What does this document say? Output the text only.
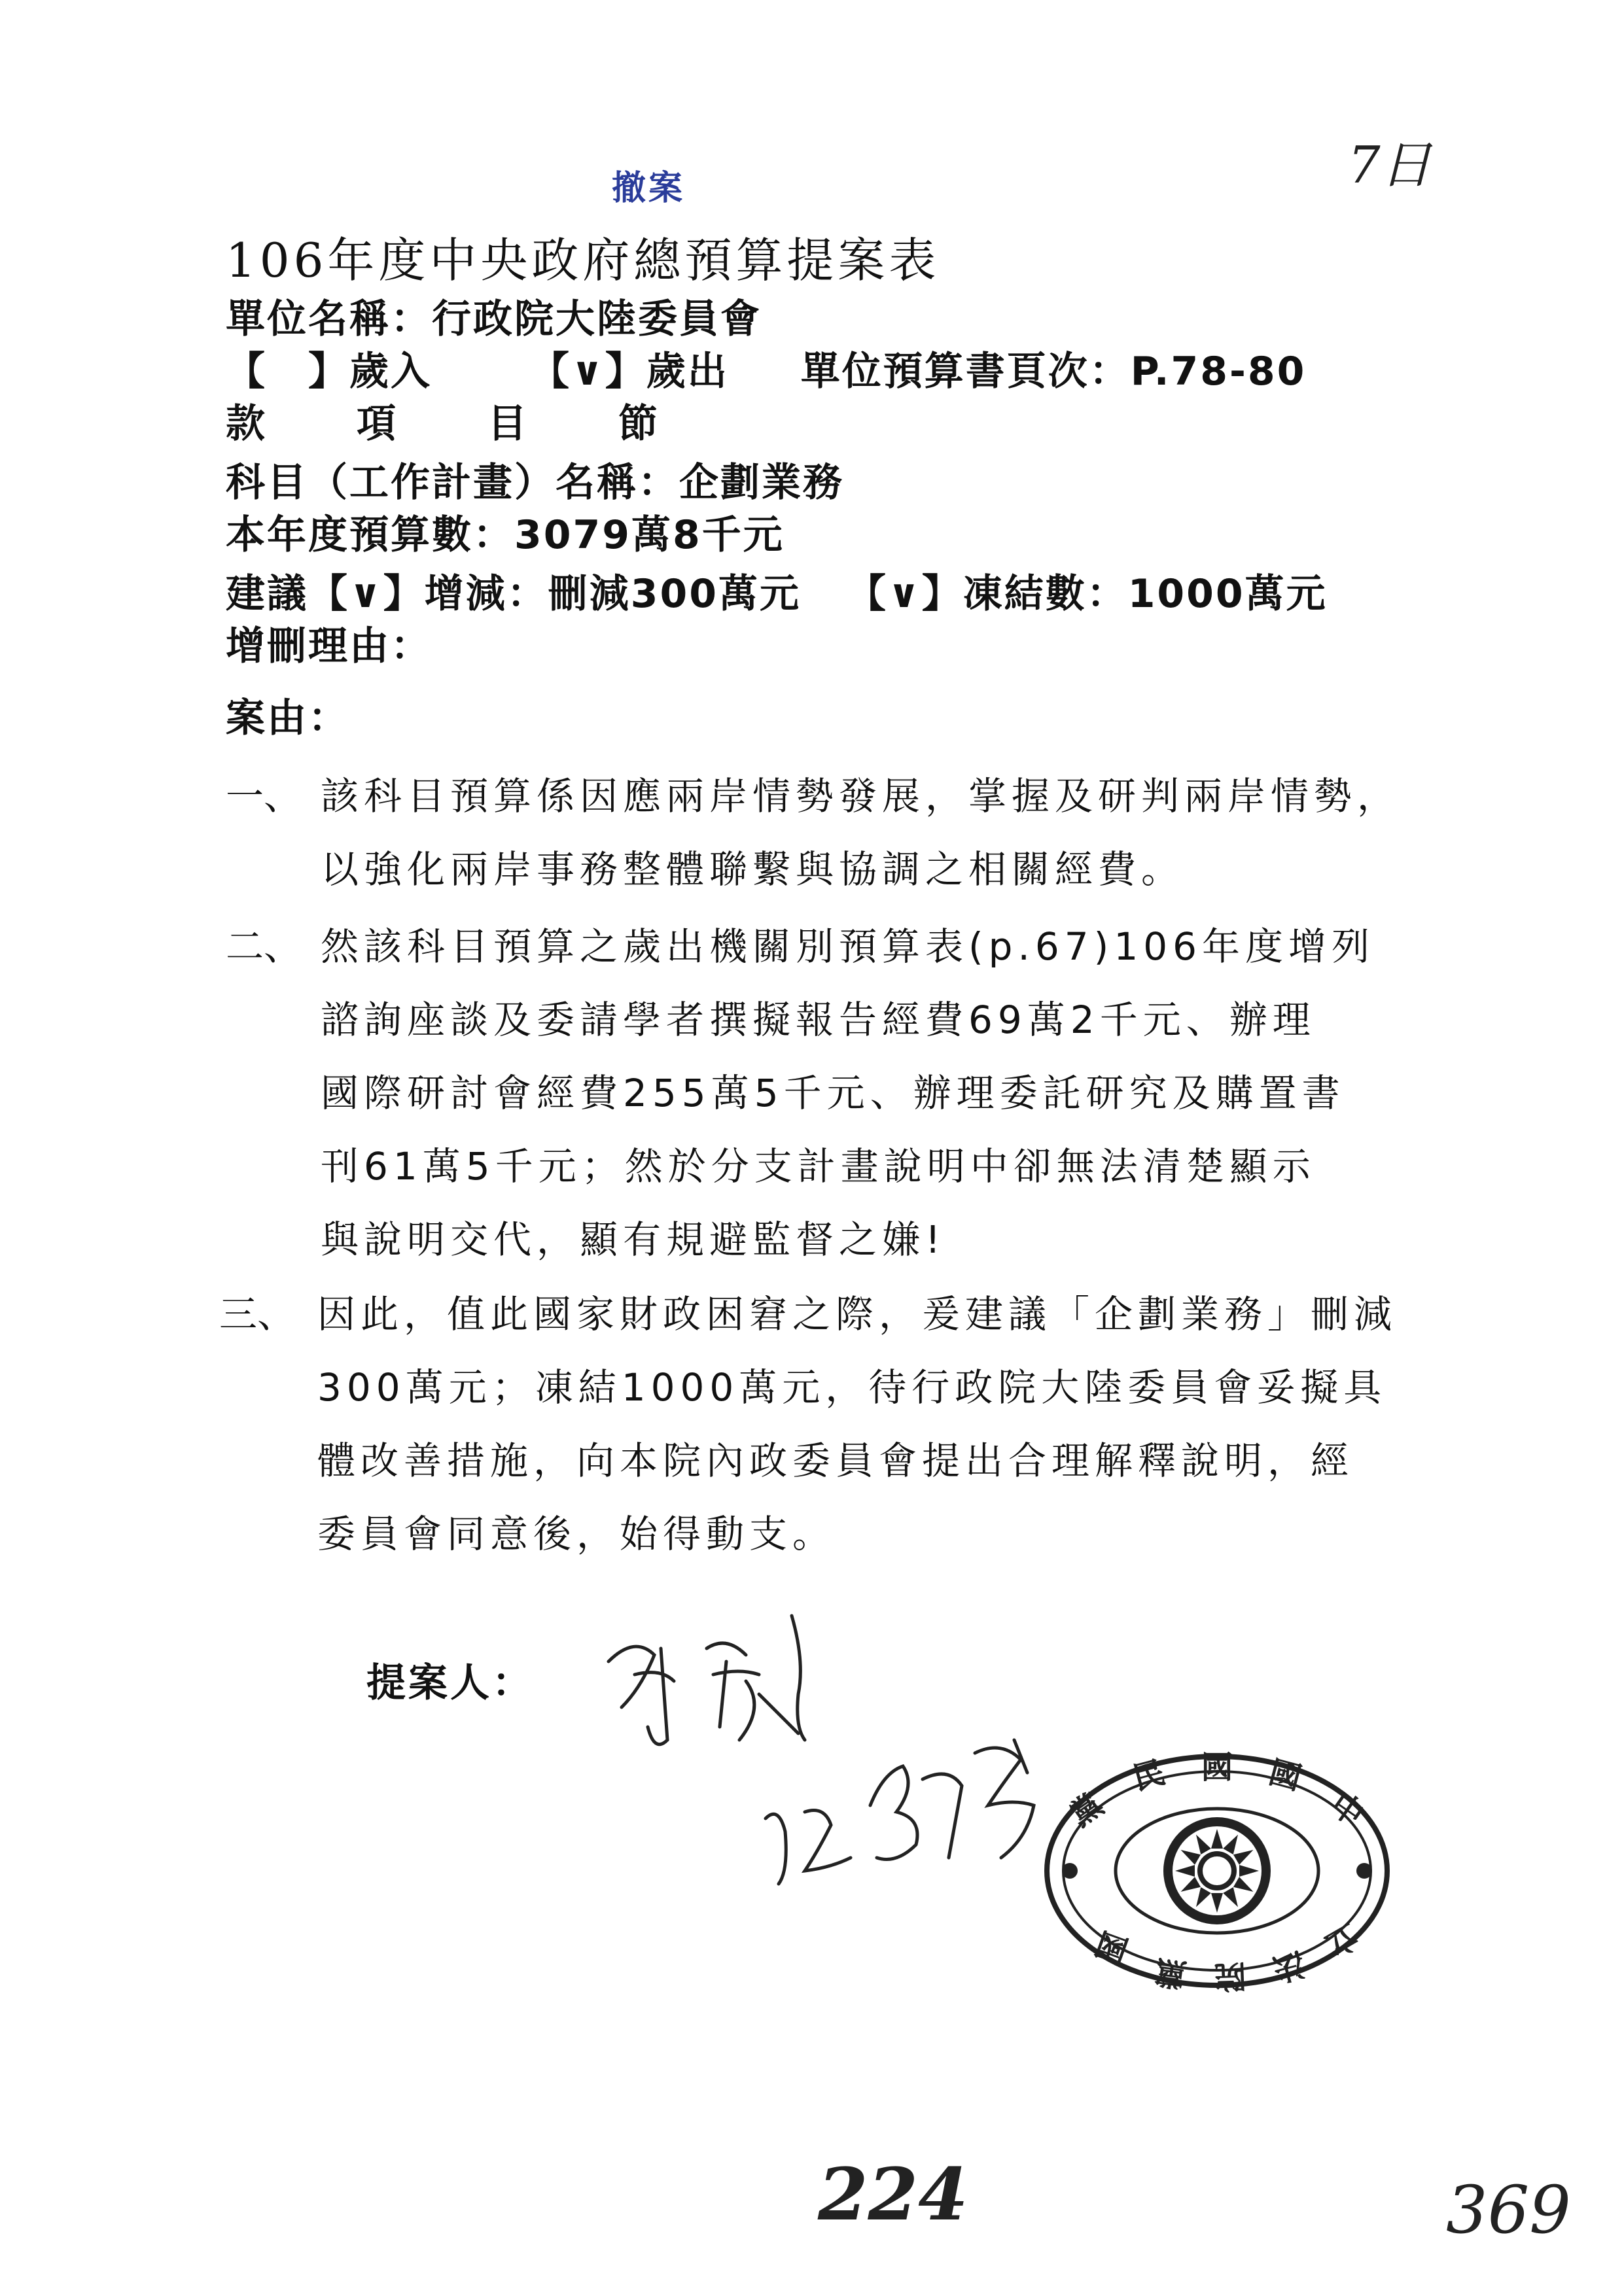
撤案	7日
106年度中央政府總預算提案表
單位名稱：行政院大陸委員會
【　】歲入	【∨】歲出 單位預算書頁次：P.78-80
款 項 目 節
科目（工作計畫）名稱：企劃業務
本年度預算數：3079萬8千元
建議【∨】增減：刪減300萬元 【∨】凍結數：1000萬元
增刪理由：
案由：
一、 該科目預算係因應兩岸情勢發展，掌握及研判兩岸情勢，
以強化兩岸事務整體聯繫與協調之相關經費。
二、 然該科目預算之歲出機關別預算表(p.67)106年度增列
諮詢座談及委請學者撰擬報告經費69萬2千元、辦理
國際研討會經費255萬5千元、辦理委託研究及購置書
刊61萬5千元；然於分支計畫說明中卻無法清楚顯示
與說明交代，顯有規避監督之嫌!
三、 因此，值此國家財政困窘之際，爰建議「企劃業務」刪減
300萬元；凍結1000萬元，待行政院大陸委員會妥擬具
體改善措施，向本院內政委員會提出合理解釋說明，經
委員會同意後，始得動支。
提案人：
黨
民 國 國
中
國
黨 院 法
立
224	369
